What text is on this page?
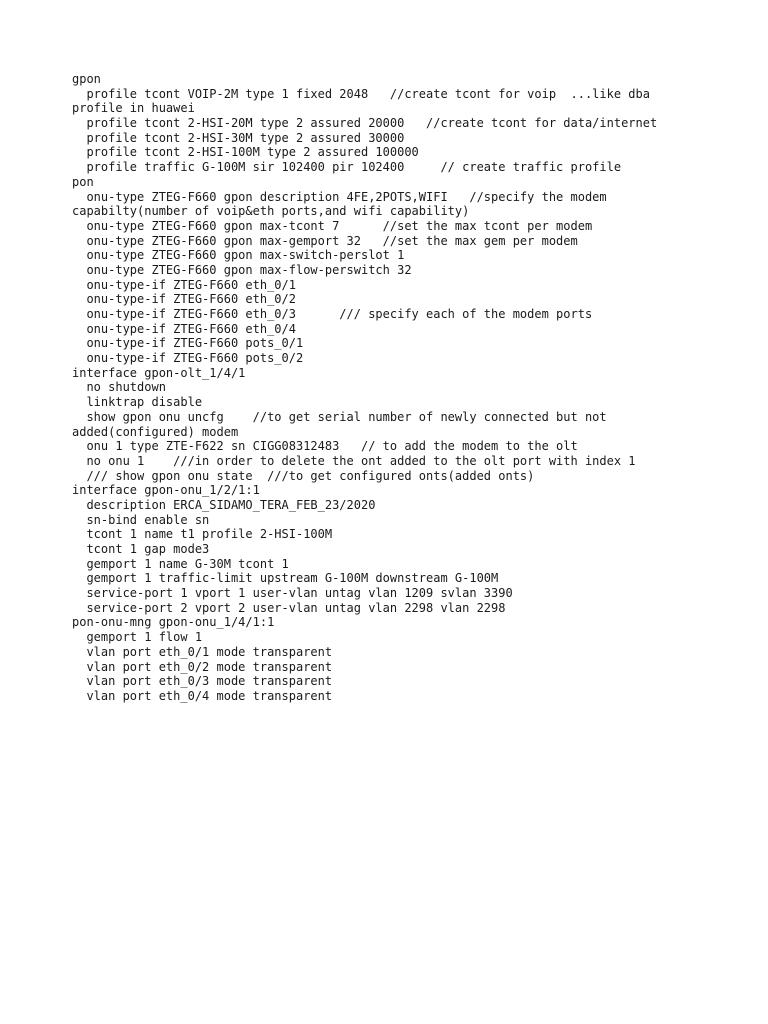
gpon
profile tcont VOIP-2M type 1 fixed 2048   //create tcont for voip  ...like dba
profile in huawei
profile tcont 2-HSI-20M type 2 assured 20000   //create tcont for data/internet
profile tcont 2-HSI-30M type 2 assured 30000
profile tcont 2-HSI-100M type 2 assured 100000
profile traffic G-100M sir 102400 pir 102400     // create traffic profile
pon
onu-type ZTEG-F660 gpon description 4FE,2POTS,WIFI   //specify the modem
capabilty(number of voip&eth ports,and wifi capability)
onu-type ZTEG-F660 gpon max-tcont 7      //set the max tcont per modem
onu-type ZTEG-F660 gpon max-gemport 32   //set the max gem per modem
onu-type ZTEG-F660 gpon max-switch-perslot 1
onu-type ZTEG-F660 gpon max-flow-perswitch 32
onu-type-if ZTEG-F660 eth_0/1
onu-type-if ZTEG-F660 eth_0/2
onu-type-if ZTEG-F660 eth_0/3      /// specify each of the modem ports
onu-type-if ZTEG-F660 eth_0/4
onu-type-if ZTEG-F660 pots_0/1
onu-type-if ZTEG-F660 pots_0/2
interface gpon-olt_1/4/1
no shutdown
linktrap disable
show gpon onu uncfg    //to get serial number of newly connected but not
added(configured) modem
onu 1 type ZTE-F622 sn CIGG08312483   // to add the modem to the olt
no onu 1    ///in order to delete the ont added to the olt port with index 1
/// show gpon onu state  ///to get configured onts(added onts)
interface gpon-onu_1/2/1:1
description ERCA_SIDAMO_TERA_FEB_23/2020
sn-bind enable sn
tcont 1 name t1 profile 2-HSI-100M
tcont 1 gap mode3
gemport 1 name G-30M tcont 1
gemport 1 traffic-limit upstream G-100M downstream G-100M
service-port 1 vport 1 user-vlan untag vlan 1209 svlan 3390
service-port 2 vport 2 user-vlan untag vlan 2298 vlan 2298
pon-onu-mng gpon-onu_1/4/1:1
gemport 1 flow 1
vlan port eth_0/1 mode transparent
vlan port eth_0/2 mode transparent
vlan port eth_0/3 mode transparent
vlan port eth_0/4 mode transparent
